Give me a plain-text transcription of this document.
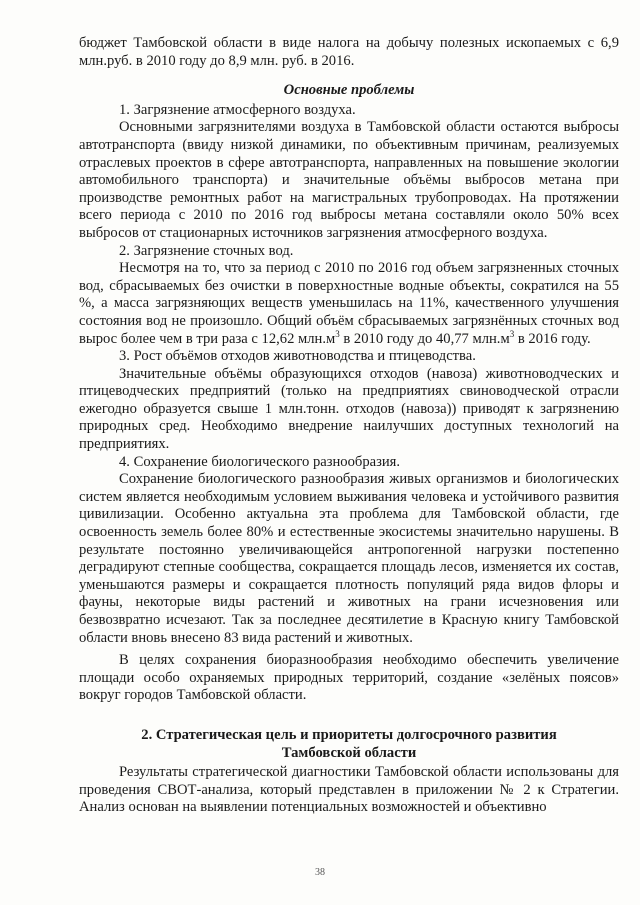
бюджет Тамбовской области в виде налога на добычу полезных ископаемых с 6,9 млн.руб. в 2010 году до 8,9 млн. руб. в 2016.

Основные проблемы

1. Загрязнение атмосферного воздуха.

Основными загрязнителями воздуха в Тамбовской области остаются выбросы автотранспорта (ввиду низкой динамики, по объективным причинам, реализуемых отраслевых проектов в сфере автотранспорта, направленных на повышение экологии автомобильного транспорта) и значительные объёмы выбросов метана при производстве ремонтных работ на магистральных трубопроводах. На протяжении всего периода с 2010 по 2016 год выбросы метана составляли около 50% всех выбросов от стационарных источников загрязнения атмосферного воздуха.

2. Загрязнение сточных вод.

Несмотря на то, что за период с 2010 по 2016 год объем загрязненных сточных вод, сбрасываемых без очистки в поверхностные водные объекты, сократился на 55 %, а масса загрязняющих веществ уменьшилась на 11%, качественного улучшения состояния вод не произошло. Общий объём сбрасываемых загрязнённых сточных вод вырос более чем в три раза с 12,62 $млн.м^3$ в 2010 году до 40,77 $млн.м^3$ в 2016 году.

3. Рост объёмов отходов животноводства и птицеводства.

Значительные объёмы образующихся отходов (навоза) животноводческих и птицеводческих предприятий (только на предприятиях свиноводческой отрасли ежегодно образуется свыше 1 млн.тонн. отходов (навоза)) приводят к загрязнению природных сред. Необходимо внедрение наилучших доступных технологий на предприятиях.

4. Сохранение биологического разнообразия.

Сохранение биологического разнообразия живых организмов и биологических систем является необходимым условием выживания человека и устойчивого развития цивилизации. Особенно актуальна эта проблема для Тамбовской области, где освоенность земель более 80% и естественные экосистемы значительно нарушены. В результате постоянно увеличивающейся антропогенной нагрузки постепенно деградируют степные сообщества, сокращается площадь лесов, изменяется их состав, уменьшаются размеры и сокращается плотность популяций ряда видов флоры и фауны, некоторые виды растений и животных на грани исчезновения или безвозвратно исчезают. Так за последнее десятилетие в Красную книгу Тамбовской области вновь внесено 83 вида растений и животных.

В целях сохранения биоразнообразия необходимо обеспечить увеличение площади особо охраняемых природных территорий, создание «зелёных поясов» вокруг городов Тамбовской области.

2. Стратегическая цель и приоритеты долгосрочного развития Тамбовской области

Результаты стратегической диагностики Тамбовской области использованы для проведения СВОТ-анализа, который представлен в приложении № 2 к Стратегии. Анализ основан на выявлении потенциальных возможностей и объективно

38
